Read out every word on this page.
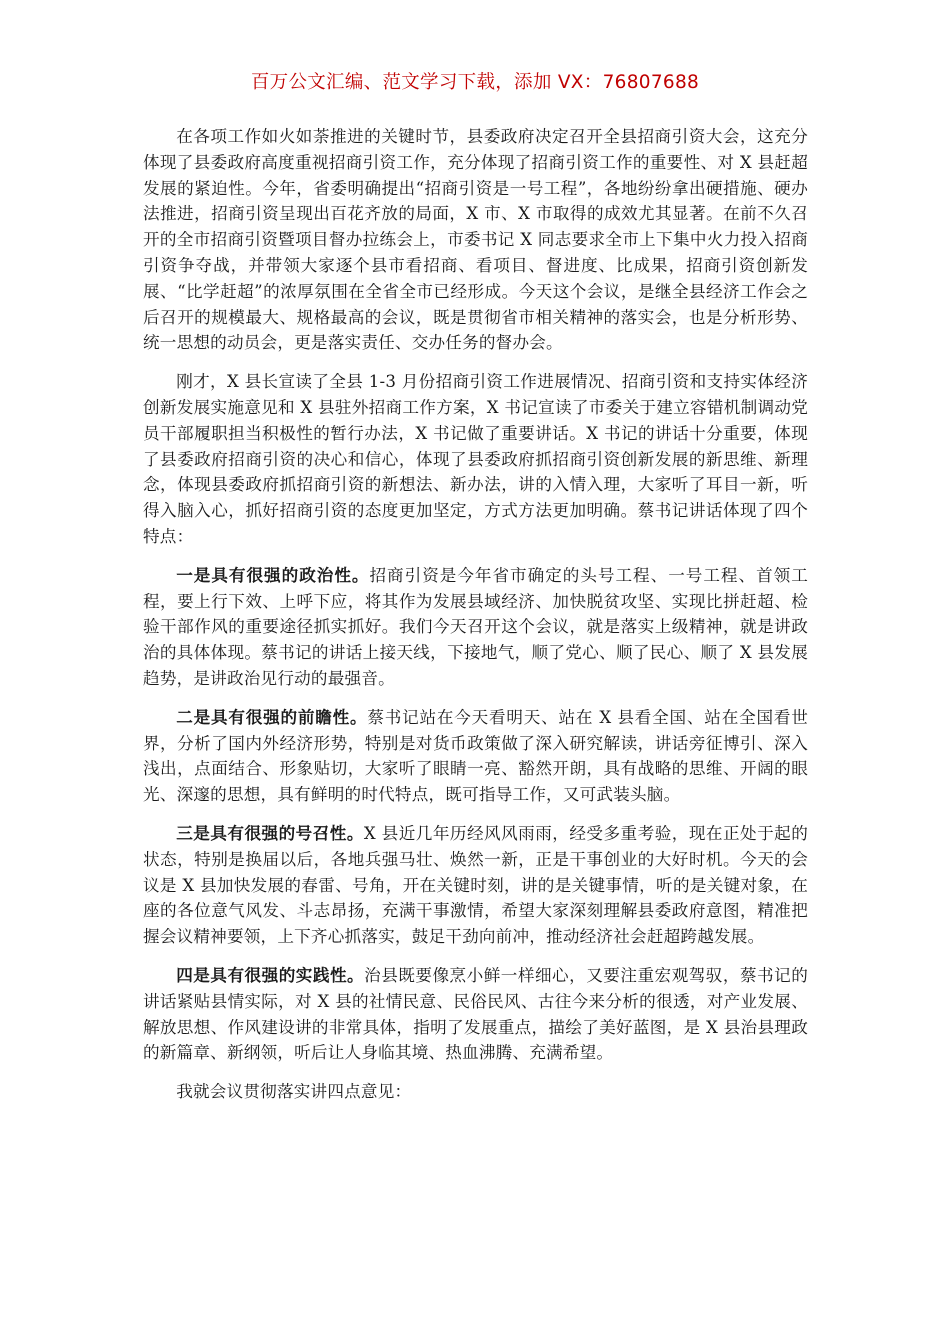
百万公文汇编、范文学习下载，添加 VX：76807688

在各项工作如火如荼推进的关键时节，县委政府决定召开全县招商引资大会，这充分体现了县委政府高度重视招商引资工作，充分体现了招商引资工作的重要性、对 X 县赶超发展的紧迫性。今年，省委明确提出“招商引资是一号工程”，各地纷纷拿出硬措施、硬办法推进，招商引资呈现出百花齐放的局面，X 市、X 市取得的成效尤其显著。在前不久召开的全市招商引资暨项目督办拉练会上，市委书记 X 同志要求全市上下集中火力投入招商引资争夺战，并带领大家逐个县市看招商、看项目、督进度、比成果，招商引资创新发展、“比学赶超”的浓厚氛围在全省全市已经形成。今天这个会议，是继全县经济工作会之后召开的规模最大、规格最高的会议，既是贯彻省市相关精神的落实会，也是分析形势、统一思想的动员会，更是落实责任、交办任务的督办会。

刚才，X 县长宣读了全县 1-3 月份招商引资工作进展情况、招商引资和支持实体经济创新发展实施意见和 X 县驻外招商工作方案，X 书记宣读了市委关于建立容错机制调动党员干部履职担当积极性的暂行办法，X 书记做了重要讲话。X 书记的讲话十分重要，体现了县委政府招商引资的决心和信心，体现了县委政府抓招商引资创新发展的新思维、新理念，体现县委政府抓招商引资的新想法、新办法，讲的入情入理，大家听了耳目一新，听得入脑入心，抓好招商引资的态度更加坚定，方式方法更加明确。蔡书记讲话体现了四个特点：

一是具有很强的政治性。招商引资是今年省市确定的头号工程、一号工程、首领工程，要上行下效、上呼下应，将其作为发展县域经济、加快脱贫攻坚、实现比拼赶超、检验干部作风的重要途径抓实抓好。我们今天召开这个会议，就是落实上级精神，就是讲政治的具体体现。蔡书记的讲话上接天线，下接地气，顺了党心、顺了民心、顺了 X 县发展趋势，是讲政治见行动的最强音。

二是具有很强的前瞻性。蔡书记站在今天看明天、站在 X 县看全国、站在全国看世界，分析了国内外经济形势，特别是对货币政策做了深入研究解读，讲话旁征博引、深入浅出，点面结合、形象贴切，大家听了眼睛一亮、豁然开朗，具有战略的思维、开阔的眼光、深邃的思想，具有鲜明的时代特点，既可指导工作，又可武装头脑。

三是具有很强的号召性。X 县近几年历经风风雨雨，经受多重考验，现在正处于起的状态，特别是换届以后，各地兵强马壮、焕然一新，正是干事创业的大好时机。今天的会议是 X 县加快发展的春雷、号角，开在关键时刻，讲的是关键事情，听的是关键对象，在座的各位意气风发、斗志昂扬，充满干事激情，希望大家深刻理解县委政府意图，精准把握会议精神要领，上下齐心抓落实，鼓足干劲向前冲，推动经济社会赶超跨越发展。

四是具有很强的实践性。治县既要像烹小鲜一样细心，又要注重宏观驾驭，蔡书记的讲话紧贴县情实际，对 X 县的社情民意、民俗民风、古往今来分析的很透，对产业发展、解放思想、作风建设讲的非常具体，指明了发展重点，描绘了美好蓝图，是 X 县治县理政的新篇章、新纲领，听后让人身临其境、热血沸腾、充满希望。

我就会议贯彻落实讲四点意见：
